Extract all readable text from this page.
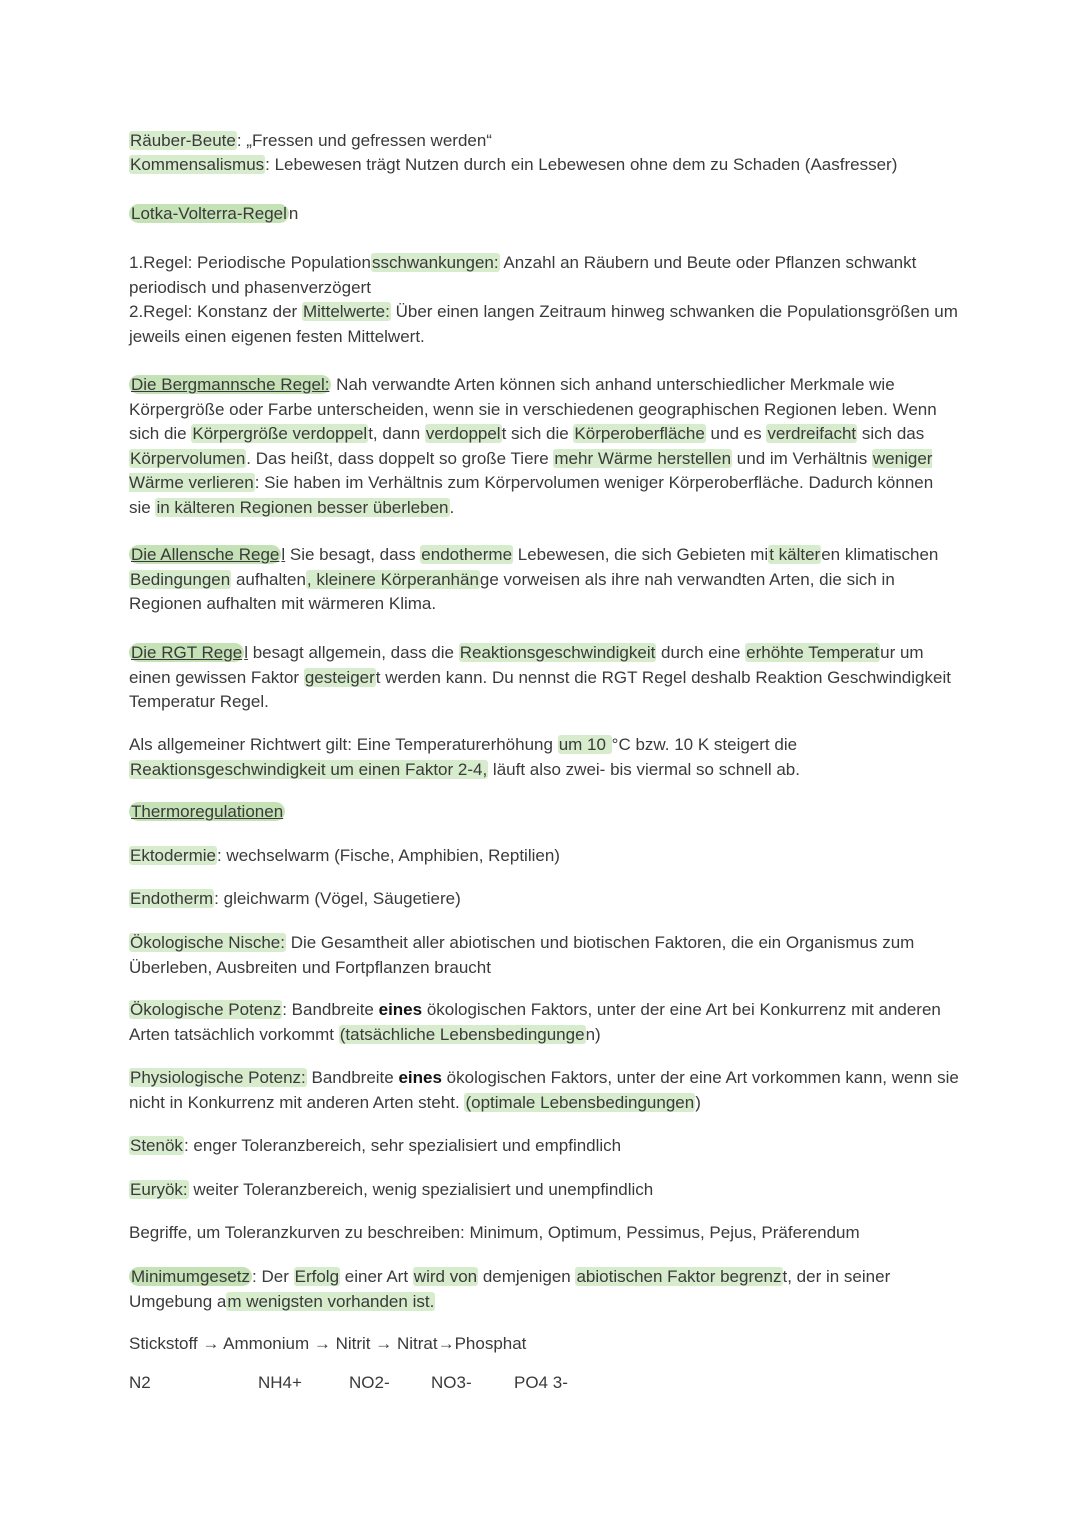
Räuber-Beute: „Fressen und gefressen werden“
Kommensalismus: Lebewesen trägt Nutzen durch ein Lebewesen ohne dem zu Schaden (Aasfresser)
Lotka-Volterra-Regel n
1.Regel: Periodische Populationsschwankungen: Anzahl an Räubern und Beute oder Pflanzen schwankt periodisch und phasenverzögert
2.Regel: Konstanz der Mittelwerte: Über einen langen Zeitraum hinweg schwanken die Populationsgrößen um jeweils einen eigenen festen Mittelwert.
Die Bergmannsche Regel: Nah verwandte Arten können sich anhand unterschiedlicher Merkmale wie Körpergröße oder Farbe unterscheiden, wenn sie in verschiedenen geographischen Regionen leben. Wenn sich die Körpergröße verdoppelt, dann verdoppelt sich die Körperoberfläche und es verdreifacht sich das Körpervolumen. Das heißt, dass doppelt so große Tiere mehr Wärme herstellen und im Verhältnis weniger Wärme verlieren: Sie haben im Verhältnis zum Körpervolumen weniger Körperoberfläche. Dadurch können sie in kälteren Regionen besser überleben.
Die Allensche Rege l Sie besagt, dass endotherme Lebewesen, die sich Gebieten mit kälteren klimatischen Bedingungen aufhalten, kleinere Körperanhänge vorweisen als ihre nah verwandten Arten, die sich in Regionen aufhalten mit wärmeren Klima.
Die RGT Rege l besagt allgemein, dass die Reaktionsgeschwindigkeit durch eine erhöhte Temperatur um einen gewissen Faktor gesteigert werden kann. Du nennst die RGT Regel deshalb Reaktion Geschwindigkeit Temperatur Regel.
Als allgemeiner Richtwert gilt: Eine Temperaturerhöhung um 10 °C bzw. 10 K steigert die Reaktionsgeschwindigkeit um einen Faktor 2-4, läuft also zwei- bis viermal so schnell ab.
Thermoregulationen
Ektodermie: wechselwarm (Fische, Amphibien, Reptilien)
Endotherm: gleichwarm (Vögel, Säugetiere)
Ökologische Nische: Die Gesamtheit aller abiotischen und biotischen Faktoren, die ein Organismus zum Überleben, Ausbreiten und Fortpflanzen braucht
Ökologische Potenz: Bandbreite eines ökologischen Faktors, unter der eine Art bei Konkurrenz mit anderen Arten tatsächlich vorkommt (tatsächliche Lebensbedingungen)
Physiologische Potenz: Bandbreite eines ökologischen Faktors, unter der eine Art vorkommen kann, wenn sie nicht in Konkurrenz mit anderen Arten steht. (optimale Lebensbedingungen)
Stenök: enger Toleranzbereich, sehr spezialisiert und empfindlich
Euryök: weiter Toleranzbereich, wenig spezialisiert und unempfindlich
Begriffe, um Toleranzkurven zu beschreiben: Minimum, Optimum, Pessimus, Pejus, Präferendum
Minimumgesetz : Der Erfolg einer Art wird von demjenigen abiotischen Faktor begrenzt, der in seiner Umgebung am wenigsten vorhanden ist.
Stickstoff → Ammonium → Nitrit → Nitrat→Phosphat
N2	NH4+	NO2- NO3- PO4 3-
